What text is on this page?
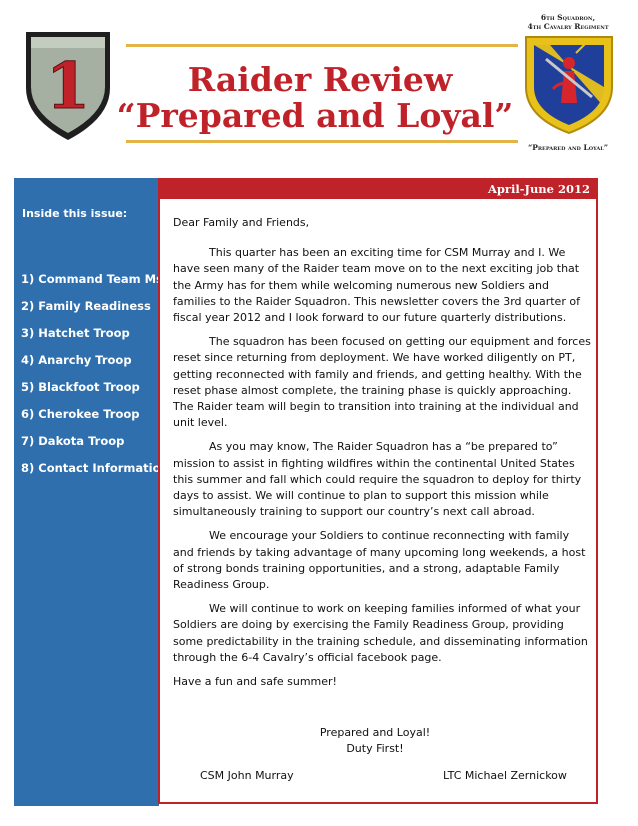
1	Raider Review
“Prepared and Loyal”
6th Squadron,
4th Cavalry Regiment
“Prepared and Loyal”

Inside this issue:

1) Command Team Msg
2) Family Readiness
3) Hatchet Troop
4) Anarchy Troop
5) Blackfoot Troop
6) Cherokee Troop
7) Dakota Troop
8) Contact Information
April-June 2012

Dear Family and Friends,

This quarter has been an exciting time for CSM Murray and I. We have seen many of the Raider team move on to the next exciting job that the Army has for them while welcoming numerous new Soldiers and families to the Raider Squadron. This newsletter covers the 3rd quarter of fiscal year 2012 and I look forward to our future quarterly distributions.

The squadron has been focused on getting our equipment and forces reset since returning from deployment. We have worked diligently on PT, getting reconnected with family and friends, and getting healthy. With the reset phase almost complete, the training phase is quickly approaching. The Raider team will begin to transition into training at the individual and unit level.

As you may know, The Raider Squadron has a “be prepared to” mission to assist in fighting wildfires within the continental United States this summer and fall which could require the squadron to deploy for thirty days to assist. We will continue to plan to support this mission while simultaneously training to support our country’s next call abroad.

We encourage your Soldiers to continue reconnecting with family and friends by taking advantage of many upcoming long weekends, a host of strong bonds training opportunities, and a strong, adaptable Family Readiness Group.

We will continue to work on keeping families informed of what your Soldiers are doing by exercising the Family Readiness Group, providing some predictability in the training schedule, and disseminating information through the 6-4 Cavalry’s official facebook page.

Have a fun and safe summer!

Prepared and Loyal!
Duty First!
CSM John Murray	LTC Michael Zernickow
